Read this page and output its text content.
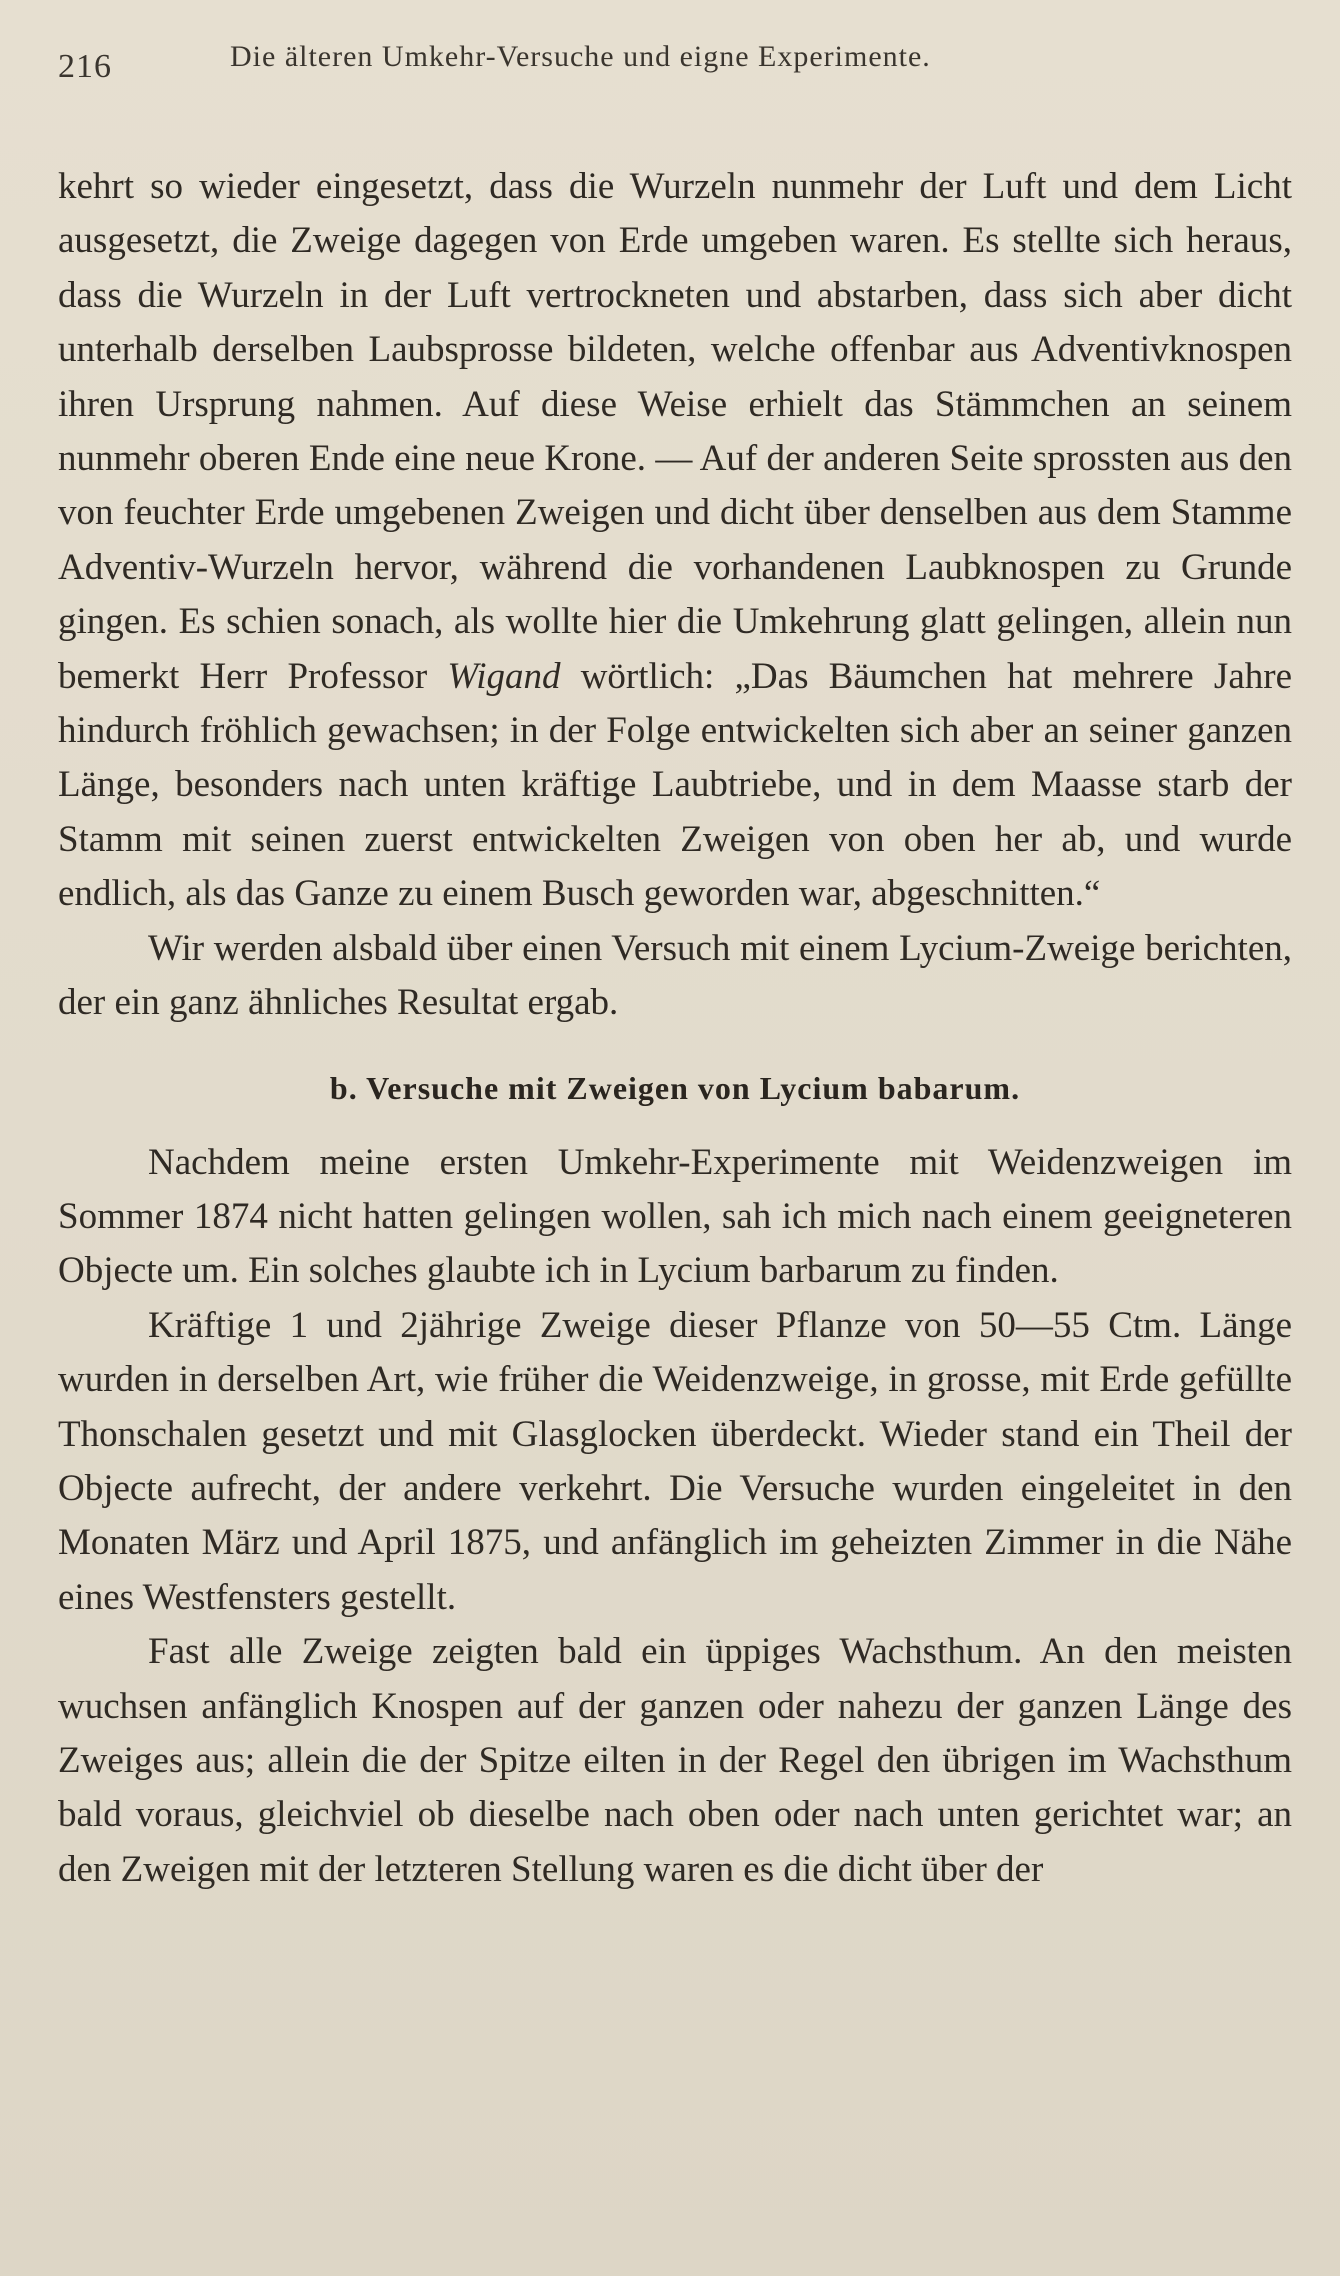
216	Die älteren Umkehr-Versuche und eigne Experimente.

kehrt so wieder eingesetzt, dass die Wurzeln nunmehr der Luft und dem Licht ausgesetzt, die Zweige dagegen von Erde umgeben waren. Es stellte sich heraus, dass die Wurzeln in der Luft vertrockneten und abstarben, dass sich aber dicht unterhalb derselben Laubsprosse bildeten, welche offenbar aus Adventivknospen ihren Ursprung nahmen. Auf diese Weise erhielt das Stämmchen an seinem nunmehr oberen Ende eine neue Krone. — Auf der anderen Seite sprossten aus den von feuchter Erde umgebenen Zweigen und dicht über denselben aus dem Stamme Adventiv-Wurzeln hervor, während die vorhandenen Laubknospen zu Grunde gingen. Es schien sonach, als wollte hier die Umkehrung glatt gelingen, allein nun bemerkt Herr Professor Wigand wörtlich: „Das Bäumchen hat mehrere Jahre hindurch fröhlich gewachsen; in der Folge entwickelten sich aber an seiner ganzen Länge, besonders nach unten kräftige Laubtriebe, und in dem Maasse starb der Stamm mit seinen zuerst entwickelten Zweigen von oben her ab, und wurde endlich, als das Ganze zu einem Busch geworden war, abgeschnitten.“

Wir werden alsbald über einen Versuch mit einem Lycium-Zweige berichten, der ein ganz ähnliches Resultat ergab.

b. Versuche mit Zweigen von Lycium babarum.

Nachdem meine ersten Umkehr-Experimente mit Weidenzweigen im Sommer 1874 nicht hatten gelingen wollen, sah ich mich nach einem geeigneteren Objecte um. Ein solches glaubte ich in Lycium barbarum zu finden.

Kräftige 1 und 2jährige Zweige dieser Pflanze von 50—55 Ctm. Länge wurden in derselben Art, wie früher die Weidenzweige, in grosse, mit Erde gefüllte Thonschalen gesetzt und mit Glasglocken überdeckt. Wieder stand ein Theil der Objecte aufrecht, der andere verkehrt. Die Versuche wurden eingeleitet in den Monaten März und April 1875, und anfänglich im geheizten Zimmer in die Nähe eines Westfensters gestellt.

Fast alle Zweige zeigten bald ein üppiges Wachsthum. An den meisten wuchsen anfänglich Knospen auf der ganzen oder nahezu der ganzen Länge des Zweiges aus; allein die der Spitze eilten in der Regel den übrigen im Wachsthum bald voraus, gleichviel ob dieselbe nach oben oder nach unten gerichtet war; an den Zweigen mit der letzteren Stellung waren es die dicht über der
